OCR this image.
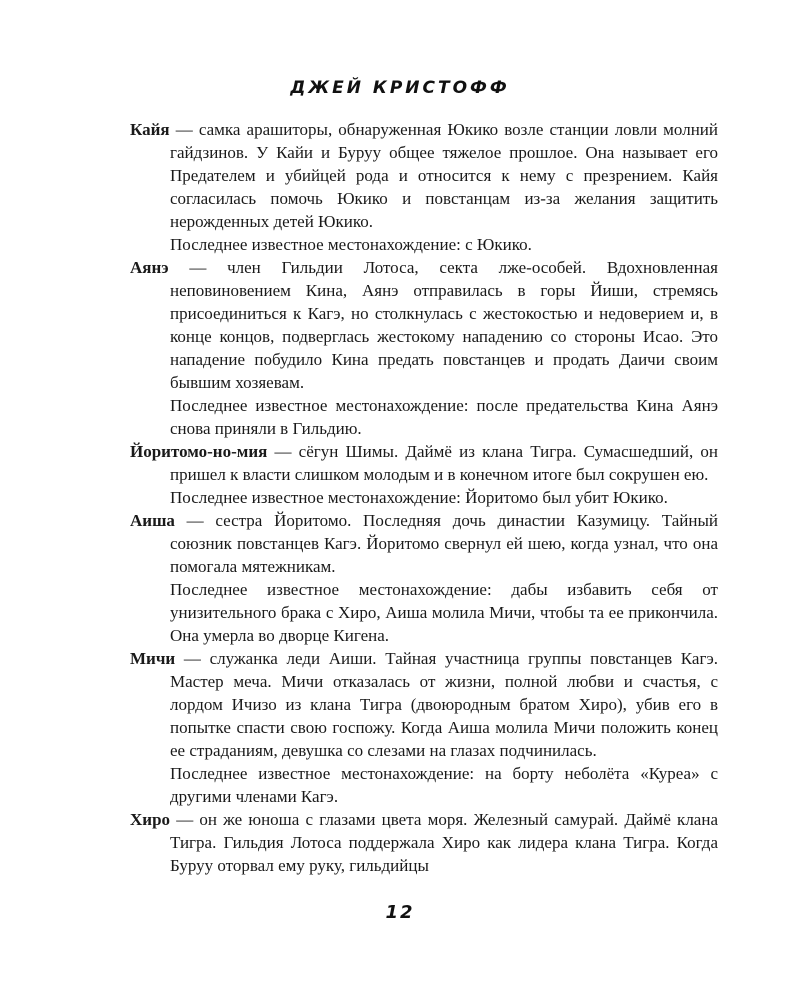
ДЖЕЙ КРИСТОФФ

Кайя — самка арашиторы, обнаруженная Юкико возле станции ловли молний гайдзинов. У Кайи и Буруу общее тяжелое прошлое. Она называет его Предателем и убийцей рода и относится к нему с презрением. Кайя согласилась помочь Юкико и повстанцам из-за желания защитить нерожденных детей Юкико.

Последнее известное местонахождение: с Юкико.

Аянэ — член Гильдии Лотоса, секта лже-особей. Вдохновленная неповиновением Кина, Аянэ отправилась в горы Йиши, стремясь присоединиться к Кагэ, но столкнулась с жестокостью и недоверием и, в конце концов, подверглась жестокому нападению со стороны Исао. Это нападение побудило Кина предать повстанцев и продать Даичи своим бывшим хозяевам.

Последнее известное местонахождение: после предательства Кина Аянэ снова приняли в Гильдию.

Йоритомо-но-мия — сёгун Шимы. Даймё из клана Тигра. Сумасшедший, он пришел к власти слишком молодым и в конечном итоге был сокрушен ею.

Последнее известное местонахождение: Йоритомо был убит Юкико.

Аиша — сестра Йоритомо. Последняя дочь династии Казумицу. Тайный союзник повстанцев Кагэ. Йоритомо свернул ей шею, когда узнал, что она помогала мятежникам.

Последнее известное местонахождение: дабы избавить себя от унизительного брака с Хиро, Аиша молила Мичи, чтобы та ее прикончила. Она умерла во дворце Кигена.

Мичи — служанка леди Аиши. Тайная участница группы повстанцев Кагэ. Мастер меча. Мичи отказалась от жизни, полной любви и счастья, с лордом Ичизо из клана Тигра (двоюродным братом Хиро), убив его в попытке спасти свою госпожу. Когда Аиша молила Мичи положить конец ее страданиям, девушка со слезами на глазах подчинилась.

Последнее известное местонахождение: на борту неболёта «Куреа» с другими членами Кагэ.

Хиро — он же юноша с глазами цвета моря. Железный самурай. Даймё клана Тигра. Гильдия Лотоса поддержала Хиро как лидера клана Тигра. Когда Буруу оторвал ему руку, гильдийцы

12
